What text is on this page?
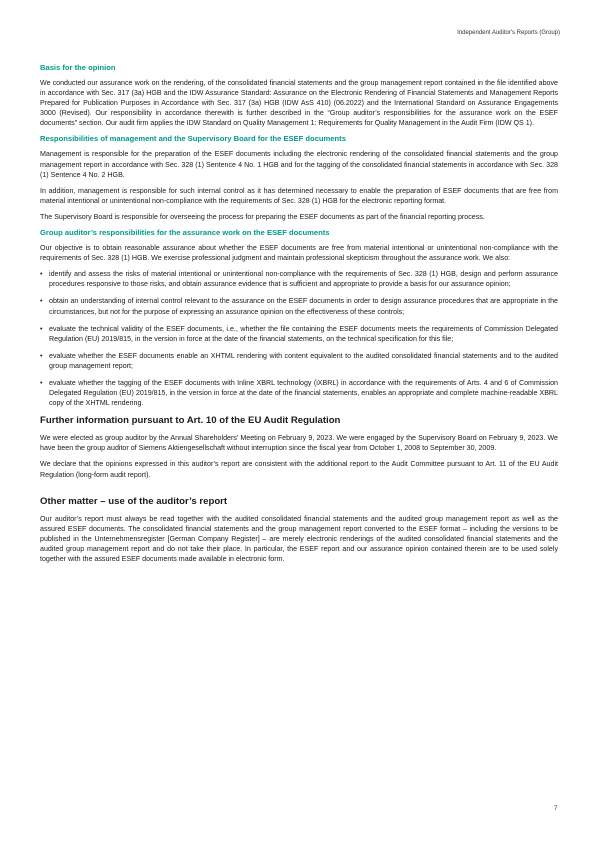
Independent Auditor's Reports (Group)
Basis for the opinion

We conducted our assurance work on the rendering, of the consolidated financial statements and the group management report contained in the file identified above in accordance with Sec. 317 (3a) HGB and the IDW Assurance Standard: Assurance on the Electronic Rendering of Financial Statements and Management Reports Prepared for Publication Purposes in Accordance with Sec. 317 (3a) HGB (IDW AsS 410) (06.2022) and the International Standard on Assurance Engagements 3000 (Revised). Our responsibility in accordance therewith is further described in the “Group auditor’s responsibilities for the assurance work on the ESEF documents” section. Our audit firm applies the IDW Standard on Quality Management 1: Requirements for Quality Management in the Audit Firm (IDW QS 1).

Responsibilities of management and the Supervisory Board for the ESEF documents

Management is responsible for the preparation of the ESEF documents including the electronic rendering of the consolidated financial statements and the group management report in accordance with Sec. 328 (1) Sentence 4 No. 1 HGB and for the tagging of the consolidated financial statements in accordance with Sec. 328 (1) Sentence 4 No. 2 HGB.

In addition, management is responsible for such internal control as it has determined necessary to enable the preparation of ESEF documents that are free from material intentional or unintentional non-compliance with the requirements of Sec. 328 (1) HGB for the electronic reporting format.

The Supervisory Board is responsible for overseeing the process for preparing the ESEF documents as part of the financial reporting process.

Group auditor’s responsibilities for the assurance work on the ESEF documents

Our objective is to obtain reasonable assurance about whether the ESEF documents are free from material intentional or unintentional non-compliance with the requirements of Sec. 328 (1) HGB. We exercise professional judgment and maintain professional skepticism throughout the assurance work. We also:

• identify and assess the risks of material intentional or unintentional non-compliance with the requirements of Sec. 328 (1) HGB, design and perform assurance procedures responsive to those risks, and obtain assurance evidence that is sufficient and appropriate to provide a basis for our assurance opinion;
• obtain an understanding of internal control relevant to the assurance on the ESEF documents in order to design assurance procedures that are appropriate in the circumstances, but not for the purpose of expressing an assurance opinion on the effectiveness of these controls;
• evaluate the technical validity of the ESEF documents, i.e., whether the file containing the ESEF documents meets the requirements of Commission Delegated Regulation (EU) 2019/815, in the version in force at the date of the financial statements, on the technical specification for this file;
• evaluate whether the ESEF documents enable an XHTML rendering with content equivalent to the audited consolidated financial statements and to the audited group management report;
• evaluate whether the tagging of the ESEF documents with Inline XBRL technology (iXBRL) in accordance with the requirements of Arts. 4 and 6 of Commission Delegated Regulation (EU) 2019/815, in the version in force at the date of the financial statements, enables an appropriate and complete machine-readable XBRL copy of the XHTML rendering.
Further information pursuant to Art. 10 of the EU Audit Regulation

We were elected as group auditor by the Annual Shareholders’ Meeting on February 9, 2023. We were engaged by the Supervisory Board on February 9, 2023. We have been the group auditor of Siemens Aktiengesellschaft without interruption since the fiscal year from October 1, 2008 to September 30, 2009.

We declare that the opinions expressed in this auditor’s report are consistent with the additional report to the Audit Committee pursuant to Art. 11 of the EU Audit Regulation (long-form audit report).

Other matter – use of the auditor’s report

Our auditor’s report must always be read together with the audited consolidated financial statements and the audited group management report as well as the assured ESEF documents. The consolidated financial statements and the group management report converted to the ESEF format – including the versions to be published in the Unternehmensregister [German Company Register] – are merely electronic renderings of the audited consolidated financial statements and the audited group management report and do not take their place. In particular, the ESEF report and our assurance opinion contained therein are to be used solely together with the assured ESEF documents made available in electronic form.

7
